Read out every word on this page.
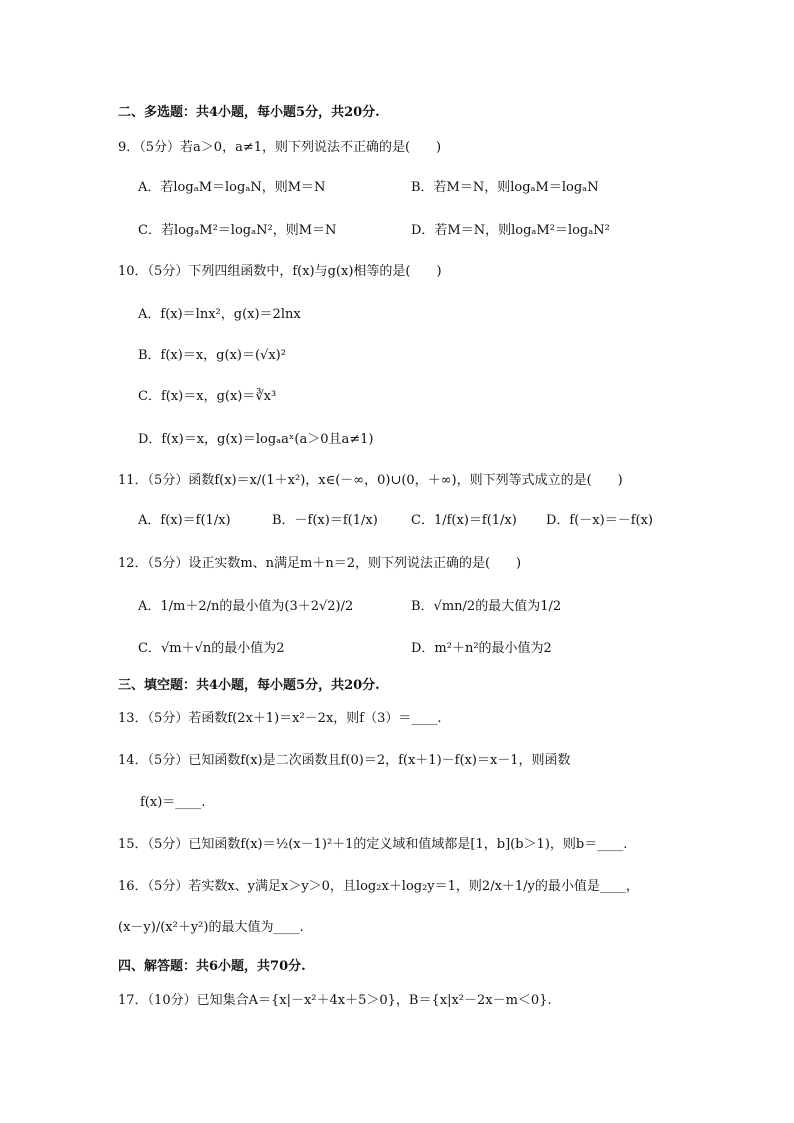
二、多选题：共4小题，每小题5分，共20分.
9．（5分）若a＞0，a≠1，则下列说法不正确的是(　　)
A．若logₐM＝logₐN，则M＝N	B．若M＝N，则logₐM＝logₐN
C．若logₐM²＝logₐN²，则M＝N	D．若M＝N，则logₐM²＝logₐN²
10．（5分）下列四组函数中，f(x)与g(x)相等的是(　　)
A．f(x)＝lnx²，g(x)＝2lnx
B．f(x)＝x，g(x)＝(√x)²
C．f(x)＝x，g(x)＝∛x³
D．f(x)＝x，g(x)＝logₐaˣ(a＞0且a≠1)
11．（5分）函数f(x)＝x/(1＋x²)，x∈(－∞，0)∪(0，＋∞)，则下列等式成立的是(　　)
A．f(x)＝f(1/x)	B．－f(x)＝f(1/x)	C．1/f(x)＝f(1/x) D．f(－x)＝－f(x)
12．（5分）设正实数m、n满足m＋n＝2，则下列说法正确的是(　　)
A．1/m＋2/n的最小值为(3＋2√2)/2	B．√mn/2的最大值为1/2
C．√m＋√n的最小值为2	D．m²＋n²的最小值为2
三、填空题：共4小题，每小题5分，共20分.
13．（5分）若函数f(2x＋1)＝x²－2x，则f（3）＝____.
14．（5分）已知函数f(x)是二次函数且f(0)＝2，f(x＋1)－f(x)＝x－1，则函数
f(x)＝____.
15．（5分）已知函数f(x)＝½(x－1)²＋1的定义域和值域都是[1，b](b＞1)，则b＝____.
16．（5分）若实数x、y满足x＞y＞0，且log₂x＋log₂y＝1，则2/x＋1/y的最小值是____，
(x－y)/(x²＋y²)的最大值为____.
四、解答题：共6小题，共70分.
17．（10分）已知集合A＝{x|－x²＋4x＋5＞0}，B＝{x|x²－2x－m＜0}.
